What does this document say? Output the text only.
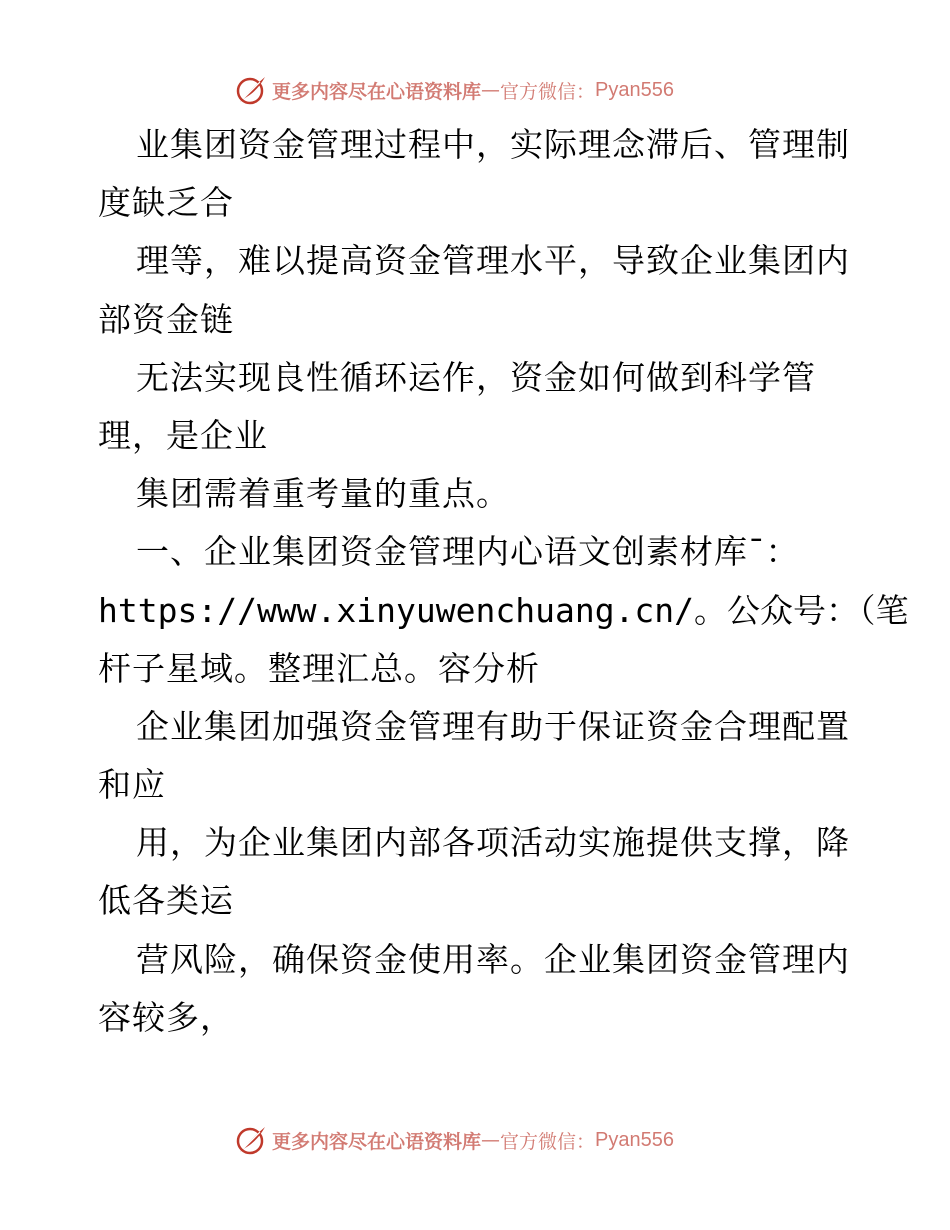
更多内容尽在心语资料库 — 官方微信： Pyan556
业集团资金管理过程中，实际理念滞后、管理制
度缺乏合
理等，难以提高资金管理水平，导致企业集团内
部资金链
无法实现良性循环运作，资金如何做到科学管
理，是企业
集团需着重考量的重点。
一、企业集团资金管理内心语文创素材库ˉ：
https://www.xinyuwenchuang.cn/。公众号：（笔
杆子星域。整理汇总。容分析
企业集团加强资金管理有助于保证资金合理配置
和应
用，为企业集团内部各项活动实施提供支撑，降
低各类运
营风险，确保资金使用率。企业集团资金管理内
容较多，
更多内容尽在心语资料库 — 官方微信： Pyan556
